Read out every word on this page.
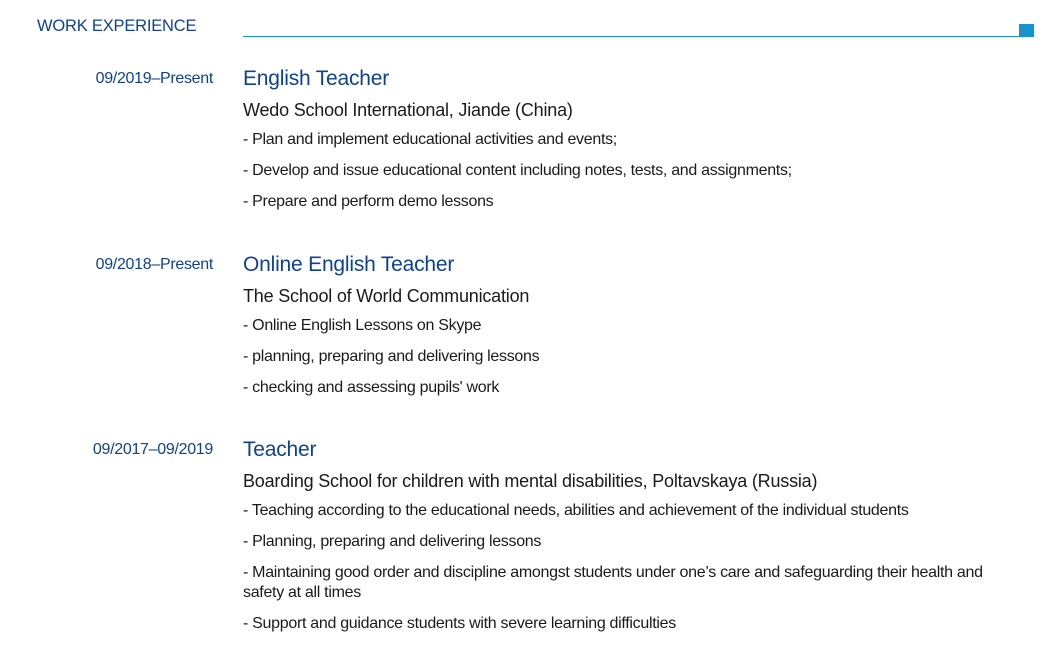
WORK EXPERIENCE
09/2019–Present English Teacher
Wedo School International, Jiande (China)
- Plan and implement educational activities and events;
- Develop and issue educational content including notes, tests, and assignments;
- Prepare and perform demo lessons
09/2018–Present Online English Teacher
The School of World Communication
- Online English Lessons on Skype
- planning, preparing and delivering lessons
- checking and assessing pupils' work
09/2017–09/2019 Teacher
Boarding School for children with mental disabilities, Poltavskaya (Russia)
- Teaching according to the educational needs, abilities and achievement of the individual students
- Planning, preparing and delivering lessons
- Maintaining good order and discipline amongst students under one’s care and safeguarding their health and safety at all times
- Support and guidance students with severe learning difficulties
